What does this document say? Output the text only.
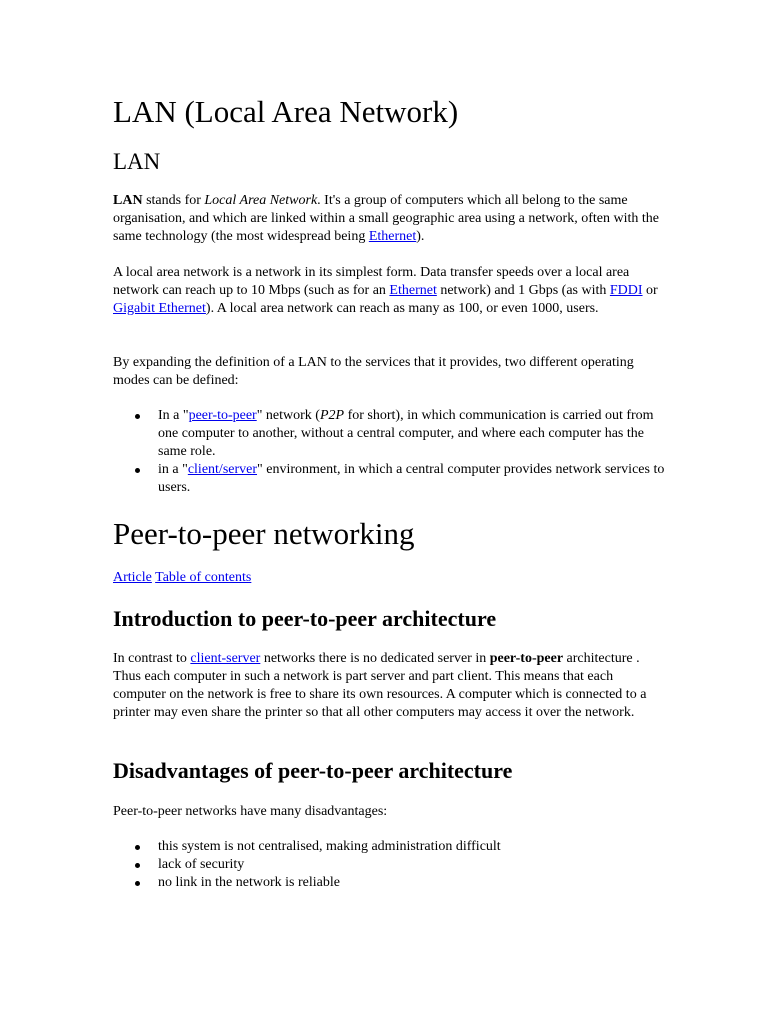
LAN (Local Area Network)
LAN

LAN stands for Local Area Network. It's a group of computers which all belong to the same organisation, and which are linked within a small geographic area using a network, often with the same technology (the most widespread being Ethernet).

A local area network is a network in its simplest form. Data transfer speeds over a local area network can reach up to 10 Mbps (such as for an Ethernet network) and 1 Gbps (as with FDDI or Gigabit Ethernet). A local area network can reach as many as 100, or even 1000, users.

By expanding the definition of a LAN to the services that it provides, two different operating modes can be defined:

In a "peer-to-peer" network (P2P for short), in which communication is carried out from one computer to another, without a central computer, and where each computer has the same role.
in a "client/server" environment, in which a central computer provides network services to users.
Peer-to-peer networking
Article Table of contents
Introduction to peer-to-peer architecture

In contrast to client-server networks there is no dedicated server in peer-to-peer architecture . Thus each computer in such a network is part server and part client. This means that each computer on the network is free to share its own resources. A computer which is connected to a printer may even share the printer so that all other computers may access it over the network.

Disadvantages of peer-to-peer architecture

Peer-to-peer networks have many disadvantages:

this system is not centralised, making administration difficult
lack of security
no link in the network is reliable
